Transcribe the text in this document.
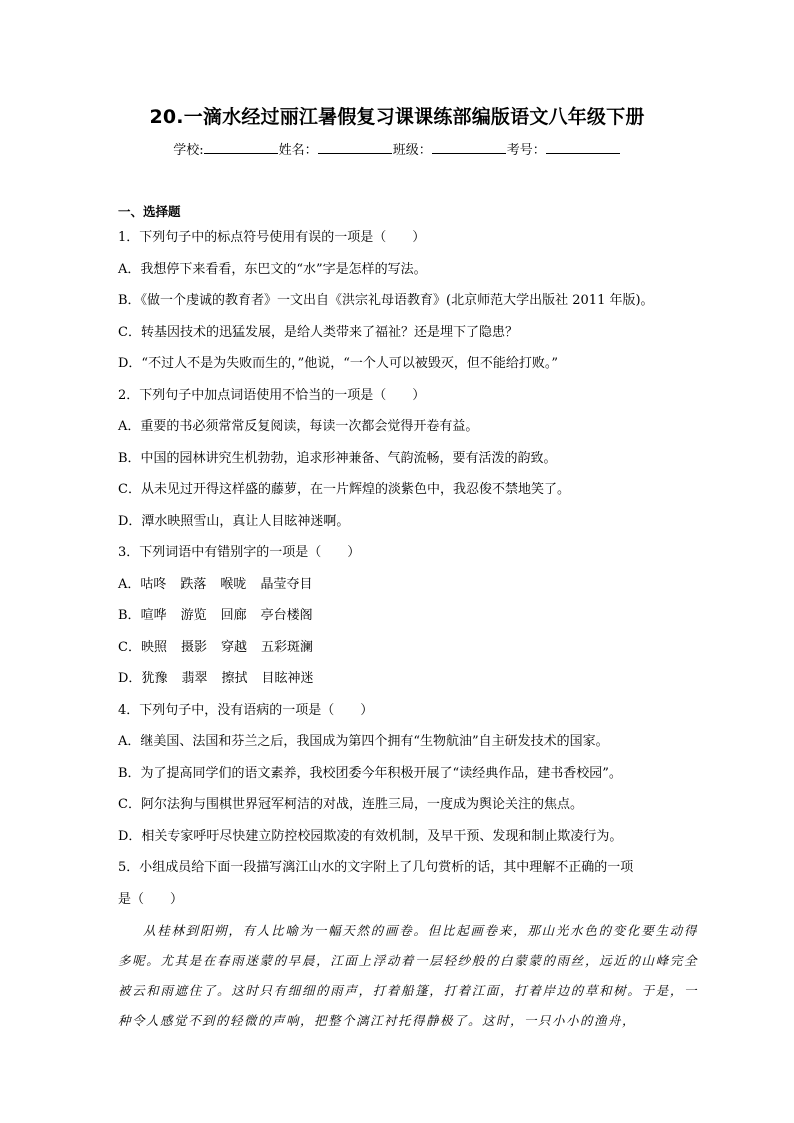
20.一滴水经过丽江暑假复习课课练部编版语文八年级下册
学校:	姓名：	班级：	考号：
一、选择题
1．下列句子中的标点符号使用有误的一项是（　　）
A．我想停下来看看，东巴文的“水”字是怎样的写法。
B．《做一个虔诚的教育者》一文出自《洪宗礼母语教育》(北京师范大学出版社 2011 年版)。
C．转基因技术的迅猛发展，是给人类带来了福祉？还是埋下了隐患？
D．“不过人不是为失败而生的，”他说，“一个人可以被毁灭，但不能给打败。”
2．下列句子中加点词语使用不恰当的一项是（　　）
A．重要的书必须常常反复阅读，每读一次都会觉得开卷有益。
B．中国的园林讲究生机勃勃，追求形神兼备、气韵流畅，要有活泼的韵致。
C．从未见过开得这样盛的藤萝，在一片辉煌的淡紫色中，我忍俊不禁地笑了。
D．潭水映照雪山，真让人目眩神迷啊。
3．下列词语中有错别字的一项是（　　）
A．咕咚 跌落 喉咙 晶莹夺目
B．喧哗 游览 回廊 亭台楼阁
C．映照 摄影 穿越 五彩斑澜
D．犹豫 翡翠 擦拭 目眩神迷
4．下列句子中，没有语病的一项是（　　）
A．继美国、法国和芬兰之后，我国成为第四个拥有“生物航油”自主研发技术的国家。
B．为了提高同学们的语文素养，我校团委今年积极开展了“读经典作品，建书香校园”。
C．阿尔法狗与围棋世界冠军柯洁的对战，连胜三局，一度成为舆论关注的焦点。
D．相关专家呼吁尽快建立防控校园欺凌的有效机制，及早干预、发现和制止欺凌行为。
5．小组成员给下面一段描写漓江山水的文字附上了几句赏析的话，其中理解不正确的一项
是（　　）
从桂林到阳朔，有人比喻为一幅天然的画卷。但比起画卷来，那山光水色的变化要生动得多呢。尤其是在春雨迷蒙的早晨，江面上浮动着一层轻纱般的白蒙蒙的雨丝，远近的山峰完全被云和雨遮住了。这时只有细细的雨声，打着船篷，打着江面，打着岸边的草和树。于是，一种令人感觉不到的轻微的声响，把整个漓江衬托得静极了。这时，一只小小的渔舟，
